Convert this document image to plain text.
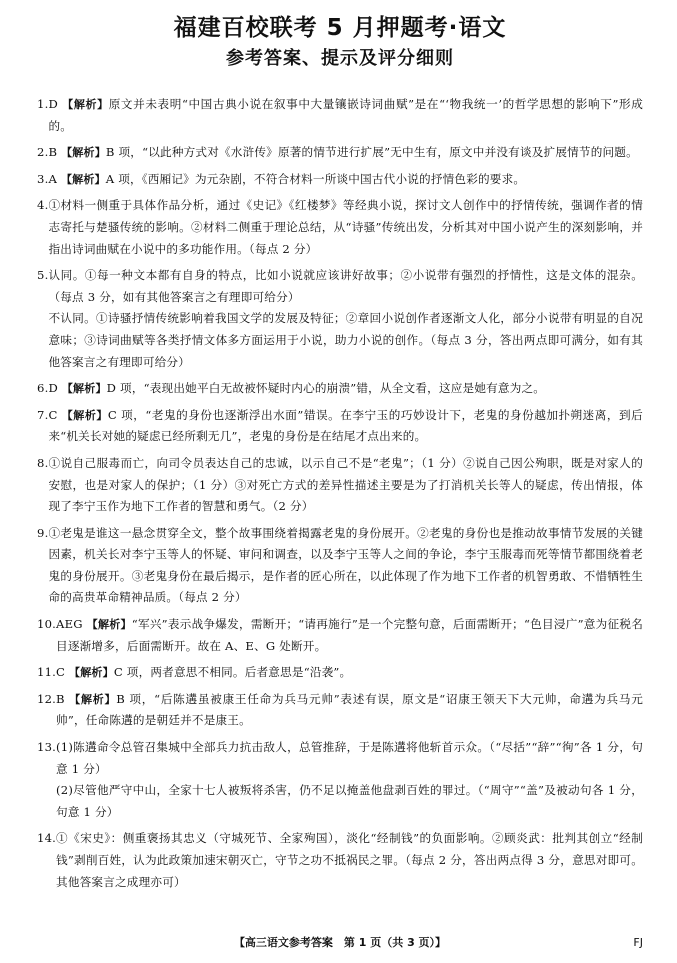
福建百校联考 5 月押题考·语文
参考答案、提示及评分细则
1. D 【解析】原文并未表明“中国古典小说在叙事中大量镶嵌诗词曲赋”是在“‘物我统一’的哲学思想的影响下”形成的。
2. B 【解析】B 项，“以此种方式对《水浒传》原著的情节进行扩展”无中生有，原文中并没有谈及扩展情节的问题。
3. A 【解析】A 项，《西厢记》为元杂剧，不符合材料一所谈中国古代小说的抒情色彩的要求。
4. ①材料一侧重于具体作品分析，通过《史记》《红楼梦》等经典小说，探讨文人创作中的抒情传统，强调作者的情志寄托与楚骚传统的影响。②材料二侧重于理论总结，从“诗骚”传统出发，分析其对中国小说产生的深刻影响，并指出诗词曲赋在小说中的多功能作用。（每点 2 分）
5. 认同。①每一种文本都有自身的特点，比如小说就应该讲好故事；②小说带有强烈的抒情性，这是文体的混杂。（每点 3 分，如有其他答案言之有理即可给分）
不认同。①诗骚抒情传统影响着我国文学的发展及特征；②章回小说创作者逐渐文人化，部分小说带有明显的自况意味；③诗词曲赋等各类抒情文体多方面运用于小说，助力小说的创作。（每点 3 分，答出两点即可满分，如有其他答案言之有理即可给分）
6. D 【解析】D 项，“表现出她平白无故被怀疑时内心的崩溃”错，从全文看，这应是她有意为之。
7. C 【解析】C 项，“老鬼的身份也逐渐浮出水面”错误。在李宁玉的巧妙设计下，老鬼的身份越加扑朔迷离，到后来“机关长对她的疑虑已经所剩无几”，老鬼的身份是在结尾才点出来的。
8. ①说自己服毒而亡，向司令员表达自己的忠诚，以示自己不是“老鬼”；（1 分）②说自己因公殉职，既是对家人的安慰，也是对家人的保护；（1 分）③对死亡方式的差异性描述主要是为了打消机关长等人的疑虑，传出情报，体现了李宁玉作为地下工作者的智慧和勇气。（2 分）
9. ①老鬼是谁这一悬念贯穿全文，整个故事围绕着揭露老鬼的身份展开。②老鬼的身份也是推动故事情节发展的关键因素，机关长对李宁玉等人的怀疑、审问和调查，以及李宁玉等人之间的争论，李宁玉服毒而死等情节都围绕着老鬼的身份展开。③老鬼身份在最后揭示，是作者的匠心所在，以此体现了作为地下工作者的机智勇敢、不惜牺牲生命的高贵革命精神品质。（每点 2 分）
10. AEG 【解析】“军兴”表示战争爆发，需断开；“请再施行”是一个完整句意，后面需断开；“色目浸广”意为征税名目逐渐增多，后面需断开。故在 A、E、G 处断开。
11. C 【解析】C 项，两者意思不相同。后者意思是“沿袭”。
12. B 【解析】B 项，“后陈遘虽被康王任命为兵马元帅”表述有误，原文是“诏康王领天下大元帅，命遘为兵马元帅”，任命陈遘的是朝廷并不是康王。
13. (1)陈遘命令总管召集城中全部兵力抗击敌人，总管推辞，于是陈遘将他斩首示众。（“尽括”“辞”“徇”各 1 分，句意 1 分）
(2)尽管他严守中山，全家十七人被叛将杀害，仍不足以掩盖他盘剥百姓的罪过。（“周守”“盖”及被动句各 1 分，句意 1 分）
14. ①《宋史》：侧重褒扬其忠义（守城死节、全家殉国），淡化“经制钱”的负面影响。②顾炎武：批判其创立“经制钱”剥削百姓，认为此政策加速宋朝灭亡，守节之功不抵祸民之罪。（每点 2 分，答出两点得 3 分，意思对即可。其他答案言之成理亦可）
【高三语文参考答案　第 1 页（共 3 页）】	FJ
